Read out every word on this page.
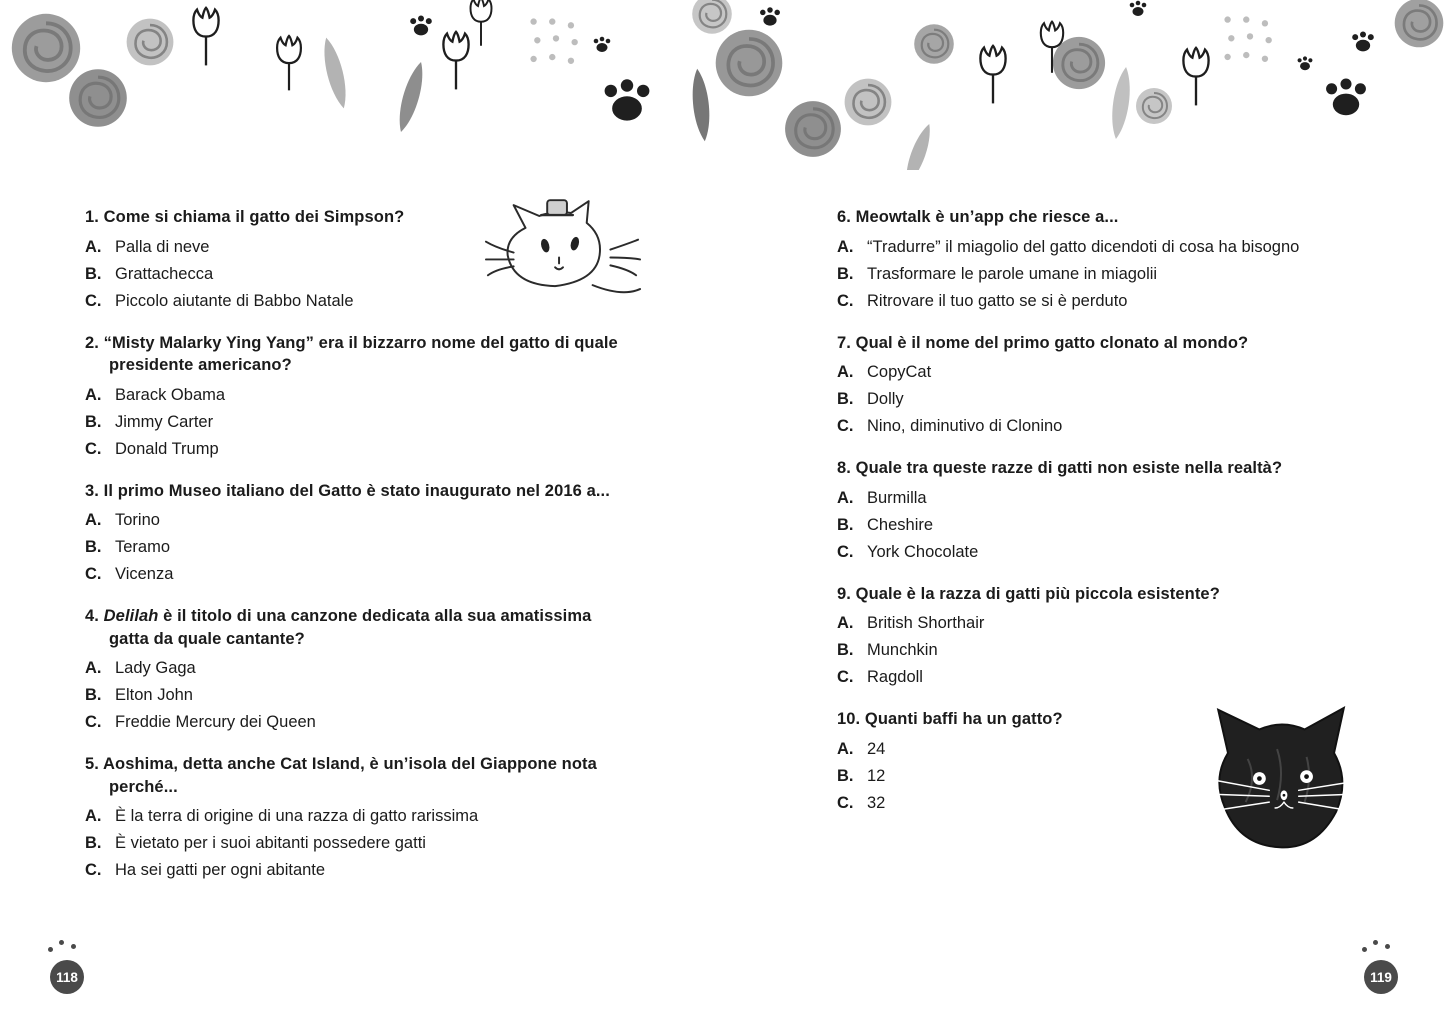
1. Come si chiama il gatto dei Simpson?

A. Palla di neve
B. Grattachecca
C. Piccolo aiutante di Babbo Natale

2. “Misty Malarky Ying Yang” era il bizzarro nome del gatto di quale presidente americano?

A. Barack Obama
B. Jimmy Carter
C. Donald Trump

3. Il primo Museo italiano del Gatto è stato inaugurato nel 2016 a...

A. Torino
B. Teramo
C. Vicenza

4. Delilah è il titolo di una canzone dedicata alla sua amatissima gatta da quale cantante?

A. Lady Gaga
B. Elton John
C. Freddie Mercury dei Queen

5. Aoshima, detta anche Cat Island, è un’isola del Giappone nota perché...

A. È la terra di origine di una razza di gatto rarissima
B. È vietato per i suoi abitanti possedere gatti
C. Ha sei gatti per ogni abitante

6. Meowtalk è un’app che riesce a...

A. “Tradurre” il miagolio del gatto dicendoti di cosa ha bisogno
B. Trasformare le parole umane in miagolii
C. Ritrovare il tuo gatto se si è perduto

7. Qual è il nome del primo gatto clonato al mondo?

A. CopyCat
B. Dolly
C. Nino, diminutivo di Clonino

8. Quale tra queste razze di gatti non esiste nella realtà?

A. Burmilla
B. Cheshire
C. York Chocolate

9. Quale è la razza di gatti più piccola esistente?

A. British Shorthair
B. Munchkin
C. Ragdoll

10. Quanti baffi ha un gatto?

A. 24
B. 12
C. 32
118	119
